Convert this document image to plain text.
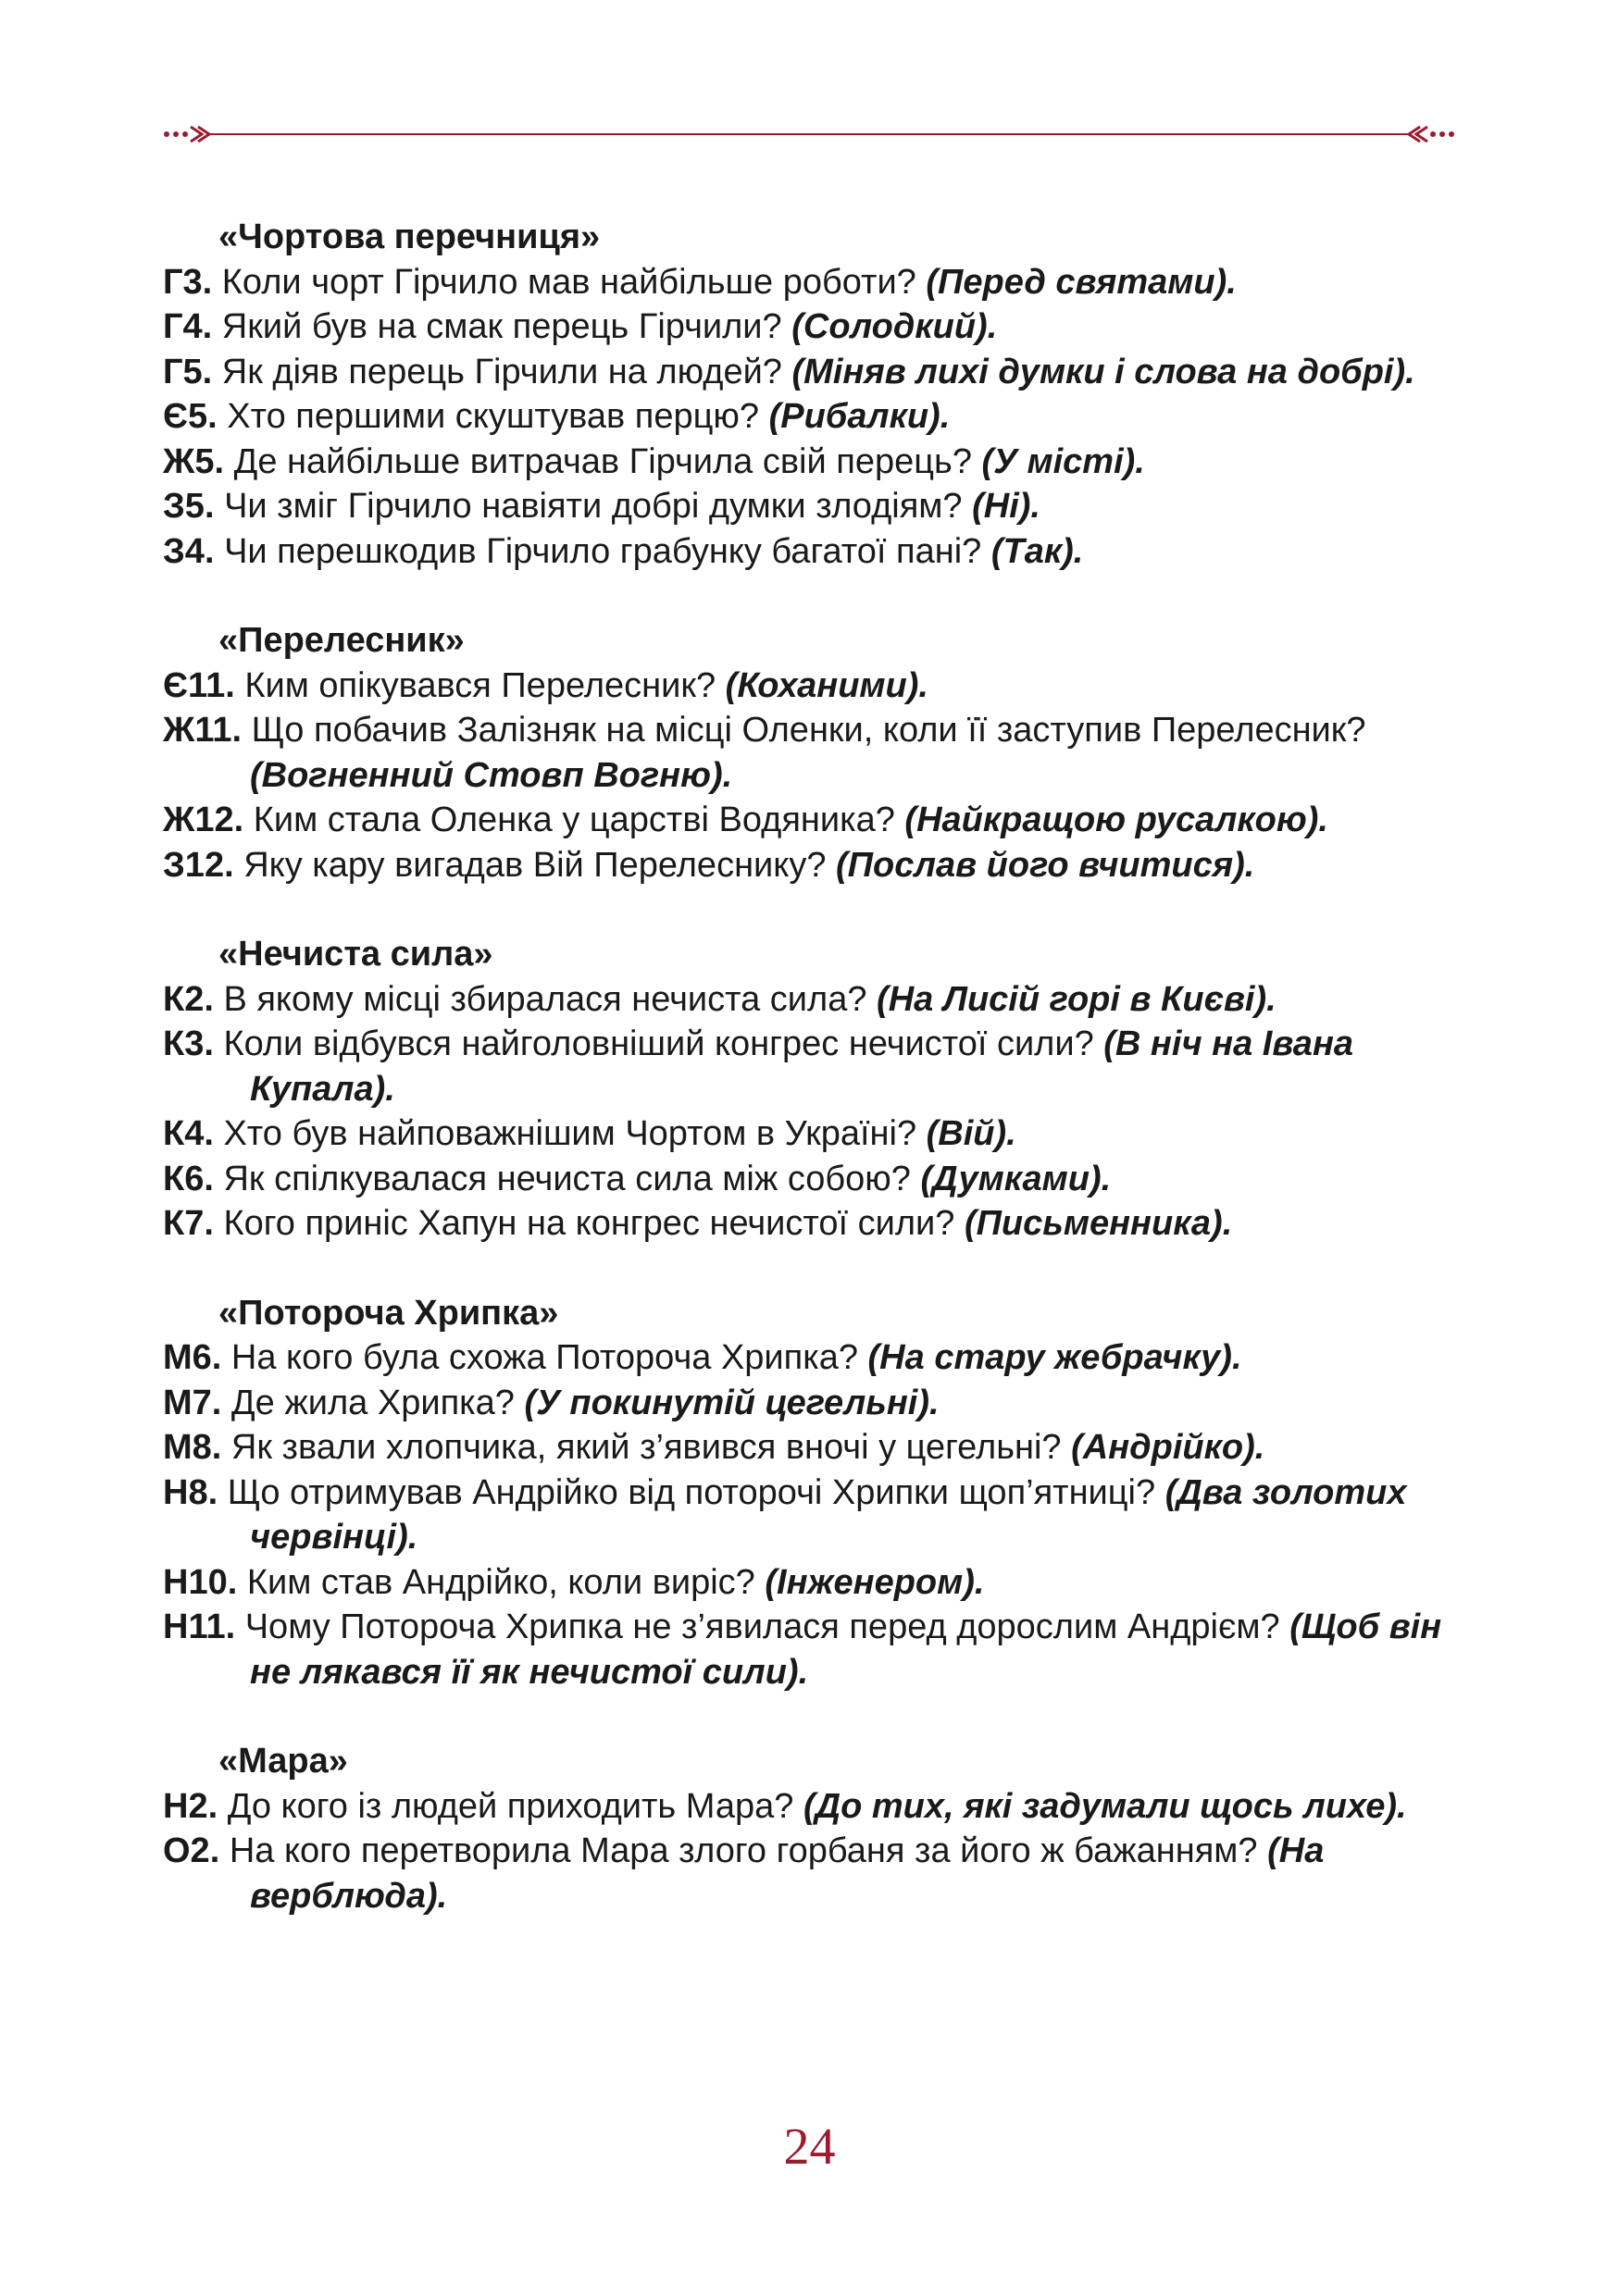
«Чортова перечниця»
Г3. Коли чорт Гірчило мав найбільше роботи? (Перед святами).
Г4. Який був на смак перець Гірчили? (Солодкий).
Г5. Як діяв перець Гірчили на людей? (Міняв лихі думки і слова на добрі).
Є5. Хто першими скуштував перцю? (Рибалки).
Ж5. Де найбільше витрачав Гірчила свій перець? (У місті).
З5. Чи зміг Гірчило навіяти добрі думки злодіям? (Ні).
З4. Чи перешкодив Гірчило грабунку багатої пані? (Так).
«Перелесник»
Є11. Ким опікувався Перелесник? (Коханими).
Ж11. Що побачив Залізняк на місці Оленки, коли її заступив Перелесник? (Вогненний Стовп Вогню).
Ж12. Ким стала Оленка у царстві Водяника? (Найкращою русалкою).
З12. Яку кару вигадав Вій Перелеснику? (Послав його вчитися).
«Нечиста сила»
К2. В якому місці збиралася нечиста сила? (На Лисій горі в Києві).
К3. Коли відбувся найголовніший конгрес нечистої сили? (В ніч на Івана Купала).
К4. Хто був найповажнішим Чортом в Україні? (Вій).
К6. Як спілкувалася нечиста сила між собою? (Думками).
К7. Кого приніс Хапун на конгрес нечистої сили? (Письменника).
«Потороча Хрипка»
М6. На кого була схожа Потороча Хрипка? (На стару жебрачку).
М7. Де жила Хрипка? (У покинутій цегельні).
М8. Як звали хлопчика, який з’явився вночі у цегельні? (Андрійко).
Н8. Що отримував Андрійко від поторочі Хрипки щоп’ятниці? (Два золотих червінці).
Н10. Ким став Андрійко, коли виріс? (Інженером).
Н11. Чому Потороча Хрипка не з’явилася перед дорослим Андрієм? (Щоб він не лякався її як нечистої сили).
«Мара»
Н2. До кого із людей приходить Мара? (До тих, які задумали щось лихе).
О2. На кого перетворила Мара злого горбаня за його ж бажанням? (На верблюда).
24
